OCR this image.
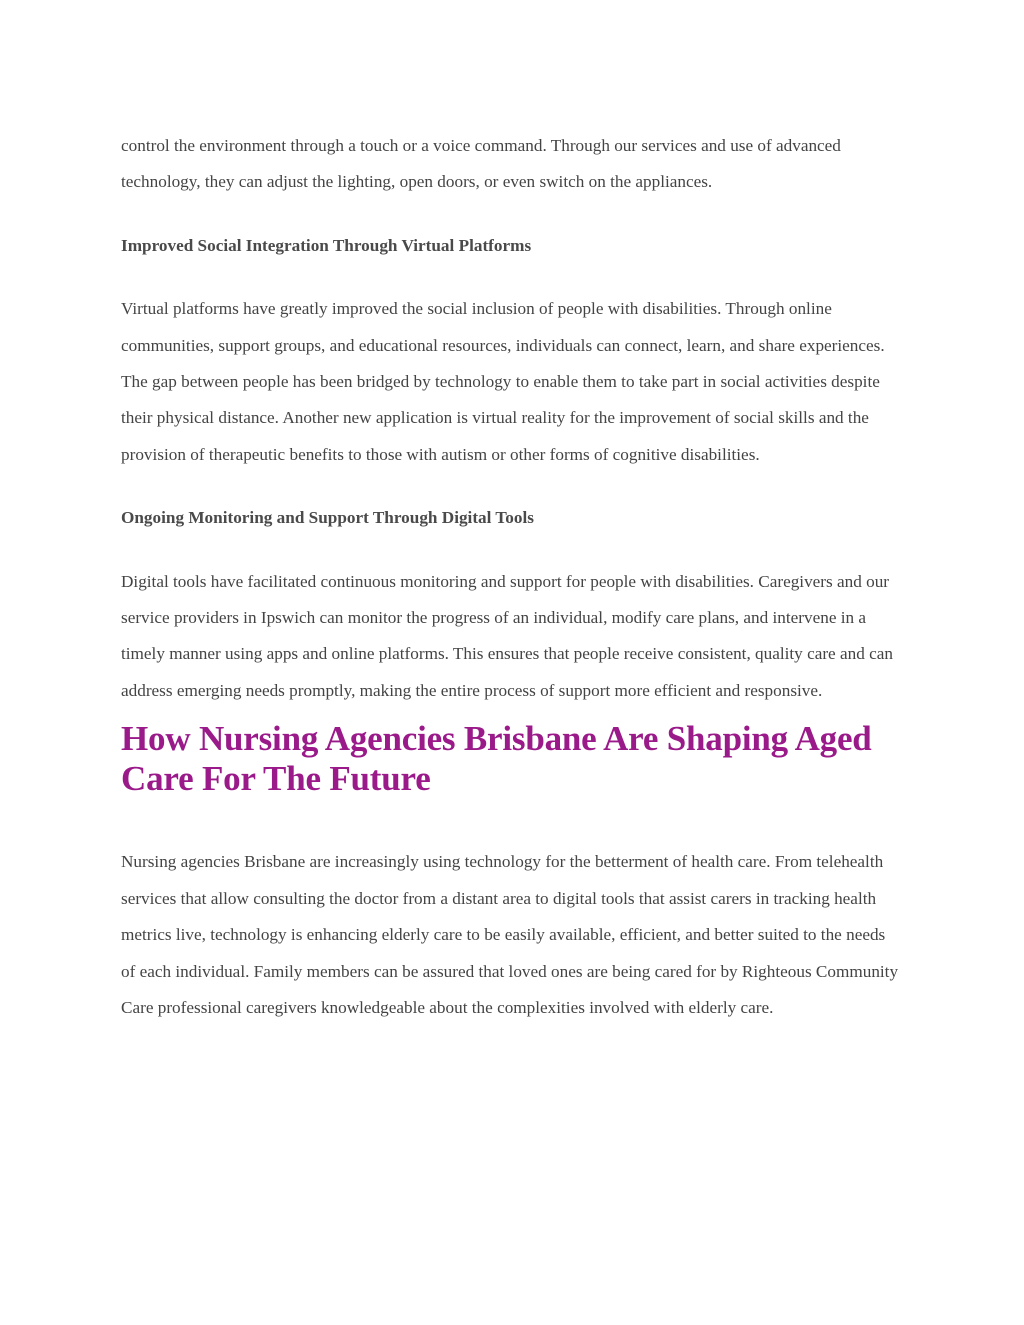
control the environment through a touch or a voice command. Through our services and use of advanced technology, they can adjust the lighting, open doors, or even switch on the appliances.

Improved Social Integration Through Virtual Platforms

Virtual platforms have greatly improved the social inclusion of people with disabilities. Through online communities, support groups, and educational resources, individuals can connect, learn, and share experiences. The gap between people has been bridged by technology to enable them to take part in social activities despite their physical distance. Another new application is virtual reality for the improvement of social skills and the provision of therapeutic benefits to those with autism or other forms of cognitive disabilities.

Ongoing Monitoring and Support Through Digital Tools

Digital tools have facilitated continuous monitoring and support for people with disabilities. Caregivers and our service providers in Ipswich can monitor the progress of an individual, modify care plans, and intervene in a timely manner using apps and online platforms. This ensures that people receive consistent, quality care and can address emerging needs promptly, making the entire process of support more efficient and responsive.

How Nursing Agencies Brisbane Are Shaping Aged Care For The Future

Nursing agencies Brisbane are increasingly using technology for the betterment of health care. From telehealth services that allow consulting the doctor from a distant area to digital tools that assist carers in tracking health metrics live, technology is enhancing elderly care to be easily available, efficient, and better suited to the needs of each individual. Family members can be assured that loved ones are being cared for by Righteous Community Care professional caregivers knowledgeable about the complexities involved with elderly care.
